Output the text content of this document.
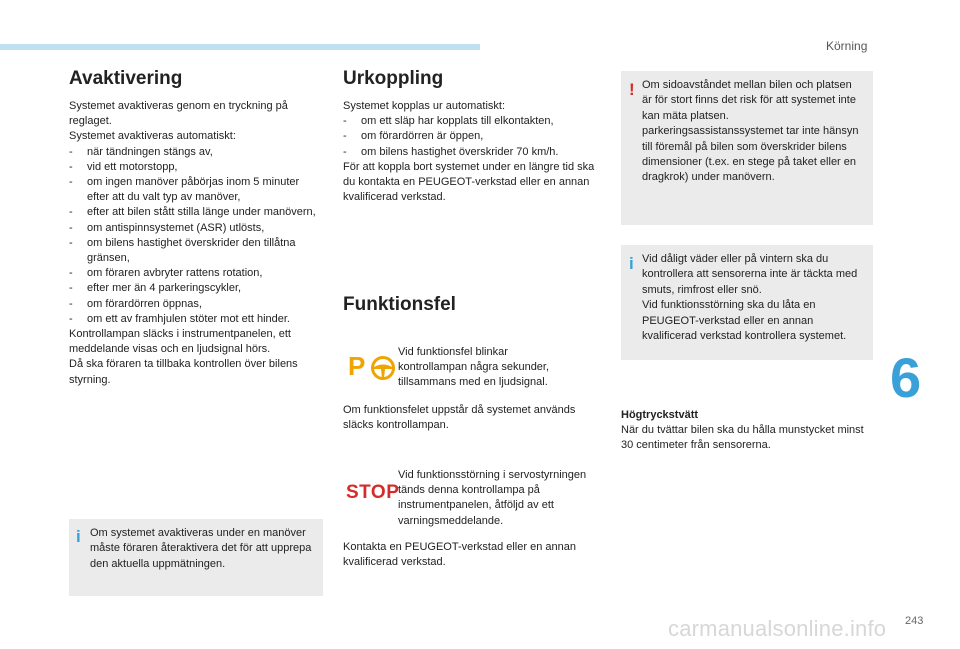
Körning
Avaktivering

Systemet avaktiveras genom en tryckning på reglaget.

Systemet avaktiveras automatiskt:

- när tändningen stängs av,
- vid ett motorstopp,
- om ingen manöver påbörjas inom 5 minuter efter att du valt typ av manöver,
- efter att bilen stått stilla länge under manövern,
- om antispinnsystemet (ASR) utlösts,
- om bilens hastighet överskrider den tillåtna gränsen,
- om föraren avbryter rattens rotation,
- efter mer än 4 parkeringscykler,
- om förardörren öppnas,
- om ett av framhjulen stöter mot ett hinder.

Kontrollampan släcks i instrumentpanelen, ett meddelande visas och en ljudsignal hörs.

Då ska föraren ta tillbaka kontrollen över bilens styrning.

i Om systemet avaktiveras under en manöver måste föraren återaktivera det för att upprepa den aktuella uppmätningen.
Urkoppling

Systemet kopplas ur automatiskt:

- om ett släp har kopplats till elkontakten,
- om förardörren är öppen,
- om bilens hastighet överskrider 70 km/h.

För att koppla bort systemet under en längre tid ska du kontakta en PEUGEOT-verkstad eller en annan kvalificerad verkstad.

Funktionsfel
P	Vid funktionsfel blinkar kontrollampan några sekunder, tillsammans med en ljudsignal.
Om funktionsfelet uppstår då systemet används släcks kontrollampan.
STOP
Vid funktionsstörning i servostyrningen tänds denna kontrollampa på instrumentpanelen, åtföljd av ett varningsmeddelande.
Kontakta en PEUGEOT-verkstad eller en annan kvalificerad verkstad.
! Om sidoavståndet mellan bilen och platsen är för stort finns det risk för att systemet inte kan mäta platsen. parkeringsassistanssystemet tar inte hänsyn till föremål på bilen som överskrider bilens dimensioner (t.ex. en stege på taket eller en dragkrok) under manövern.
i Vid dåligt väder eller på vintern ska du kontrollera att sensorerna inte är täckta med smuts, rimfrost eller snö.

Vid funktionsstörning ska du låta en PEUGEOT-verkstad eller en annan kvalificerad verkstad kontrollera systemet.

Högtryckstvätt

När du tvättar bilen ska du hålla munstycket minst 30 centimeter från sensorerna.

6
243
carmanualsonline.info
